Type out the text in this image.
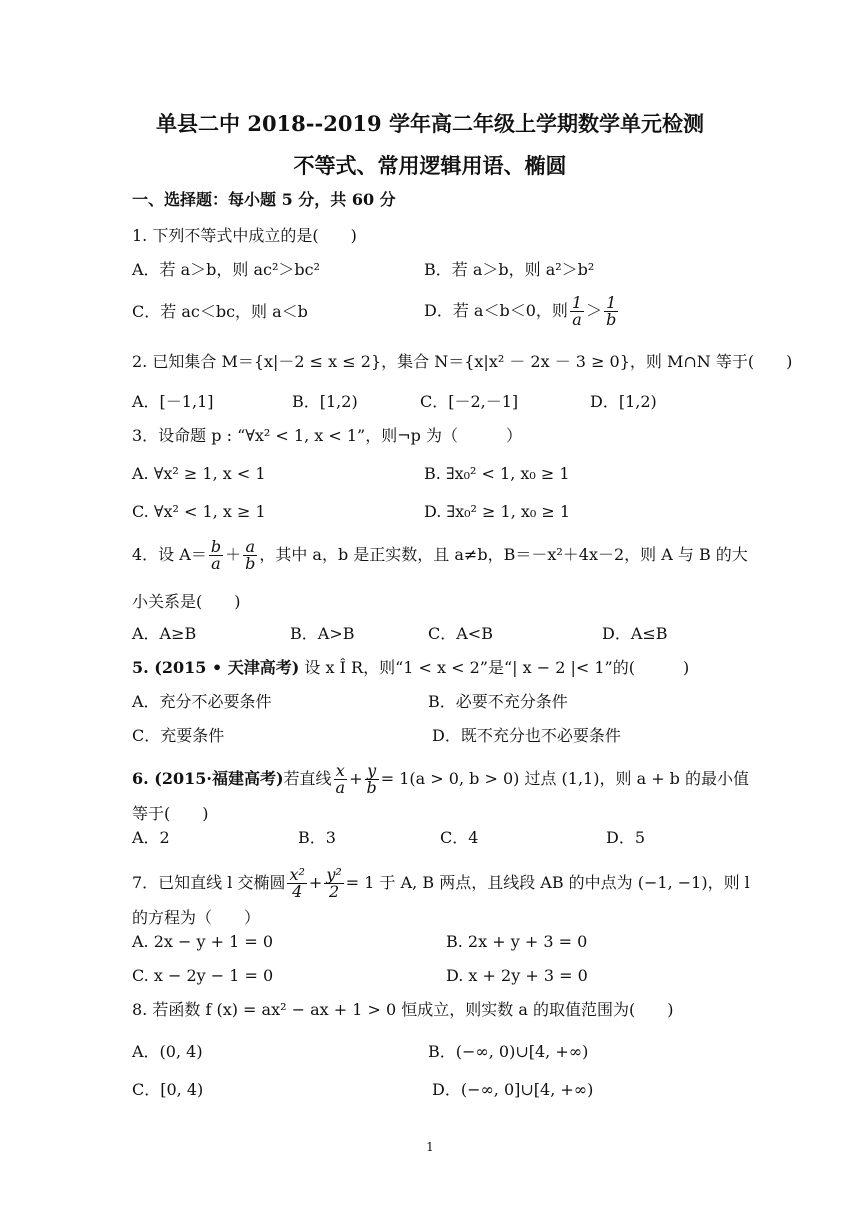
单县二中 2018--2019 学年高二年级上学期数学单元检测
不等式、常用逻辑用语、椭圆
一、选择题：每小题 5 分，共 60 分
1. 下列不等式中成立的是(　　)
A．若 a＞b，则 ac²＞bc²	B．若 a＞b，则 a²＞b²
C．若 ac＜bc，则 a＜b	D．若 a＜b＜0，则 $\frac{1}{a} > \frac{1}{b}$
2. 已知集合 M＝{x|－2 ≤ x ≤ 2}，集合 N＝{x|x² － 2x － 3 ≥ 0}，则 M∩N 等于(　　)
A．[－1,1]	B．[1,2)	C．[－2,－1]	D．[1,2)
3．设命题 p : “∀x² < 1, x < 1”，则¬p 为（　　　）
A. ∀x² ≥ 1, x < 1	B. ∃x₀² < 1, x₀ ≥ 1
C. ∀x² < 1, x ≥ 1	D. ∃x₀² ≥ 1, x₀ ≥ 1
4．设 $A= \frac{b}{a} + \frac{a}{b}$ ，其中 a，b 是正实数，且 a≠b，B＝－x²＋4x－2，则 A 与 B 的大
小关系是(　　)
A．A≥B	B．A>B	C．A<B	D．A≤B
5. (2015 • 天津高考) 设 x Î R，则“1 < x < 2”是“| x − 2 |< 1”的(　　　)
A．充分不必要条件	B．必要不充分条件
C．充要条件	D．既不充分也不必要条件
6. (2015·福建高考)若直线 $\frac{x}{a} + \frac{y}{b} = 1(a > 0$, b > 0) 过点 (1,1)，则 a + b 的最小值
等于(　　)
A．2	B．3	C．4	D．5
7．已知直线 l 交椭圆 $\frac{\text{x²}}{4} + \frac{\text{y²}}{2} = 1$ 于 A, B 两点，且线段 AB 的中点为 (−1, −1)，则 l
的方程为（　　）
A. 2x − y + 1 = 0	B. 2x + y + 3 = 0
C. x − 2y − 1 = 0	D. x + 2y + 3 = 0
8. 若函数 f (x) = ax² − ax + 1 > 0 恒成立，则实数 a 的取值范围为(　　)
A．(0, 4)	B．(−∞, 0)∪[4, +∞)
C．[0, 4)	D．(−∞, 0]∪[4, +∞)
1
